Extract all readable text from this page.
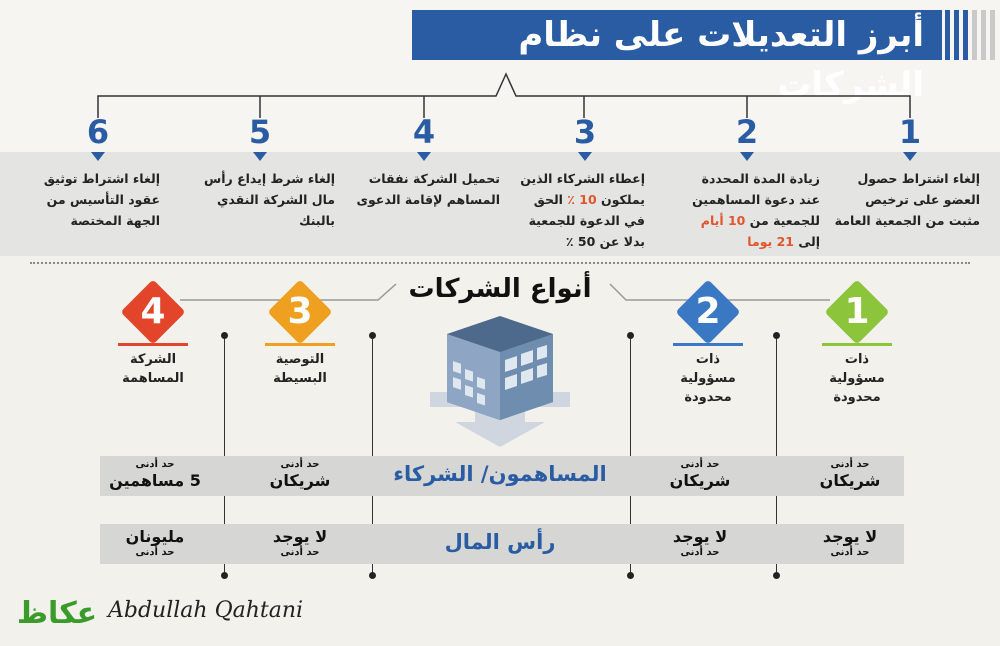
أبرز التعديلات على نظام الشركات
1
إلغاء اشتراط حصول العضو على ترخيص مثبت من الجمعية العامة
2
زيادة المدة المحددة
عند دعوة المساهمين
للجمعية من 10 أيام
إلى 21 يوما
3
إعطاء الشركاء الذين
يملكون 10 ٪ الحق
في الدعوة للجمعية
بدلا عن 50 ٪
4
تحميل الشركة نفقات المساهم لإقامة الدعوى
5
إلغاء شرط إيداع رأس مال الشركة النقدي بالبنك
6
إلغاء اشتراط توثيق عقود التأسيس من الجهة المختصة
أنواع الشركات
1
2
3
4
ذات
مسؤولية
محدودة
ذات
مسؤولية
محدودة
التوصية
البسيطة
الشركة
المساهمة
المساهمون/ الشركاء	حد أدنى
شريكان
حد أدنى
شريكان
حد أدنى
شريكان
حد أدنى
5 مساهمين
رأس المال	لا يوجد
حد أدنى
لا يوجد
حد أدنى
لا يوجد
حد أدنى
مليونان
حد أدنى
عكاظ Abdullah Qahtani
